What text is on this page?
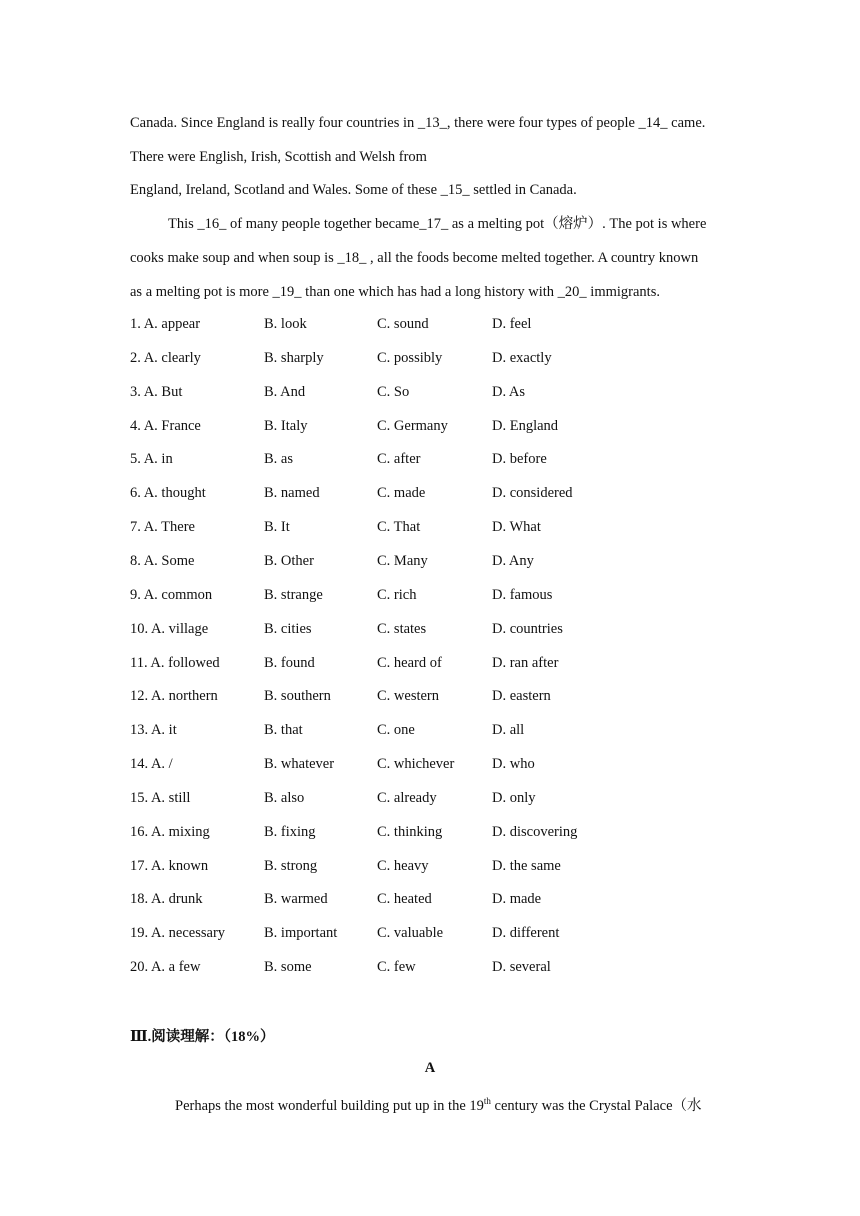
Canada. Since England is really four countries in _13_, there were four types of people _14_ came.
There were English, Irish, Scottish and Welsh from
England, Ireland, Scotland and Wales. Some of these _15_ settled in Canada.
This _16_ of many people together became_17_ as a melting pot（熔炉）. The pot is where
cooks make soup and when soup is _18_ , all the foods become melted together. A country known
as a melting pot is more _19_ than one which has had a long history with _20_ immigrants.
1. A. appear	B. look	C. sound	D. feel
2. A. clearly	B. sharply	C. possibly	D. exactly
3. A. But	B. And	C. So	D. As
4. A. France	B. Italy	C. Germany	D. England
5. A. in	B. as	C. after	D. before
6. A. thought	B. named	C. made	D. considered
7. A. There	B. It	C. That	D. What
8. A. Some	B. Other	C. Many	D. Any
9. A. common	B. strange	C. rich	D. famous
10. A. village	B. cities	C. states	D. countries
11. A. followed	B. found	C. heard of	D. ran after
12. A. northern	B. southern	C. western	D. eastern
13. A. it	B. that	C. one	D. all
14. A. /	B. whatever	C. whichever	D. who
15. A. still	B. also	C. already	D. only
16. A. mixing	B. fixing	C. thinking	D. discovering
17. A. known	B. strong	C. heavy	D. the same
18. A. drunk	B. warmed	C. heated	D. made
19. A. necessary	B. important	C. valuable	D. different
20. A. a few	B. some	C. few	D. several
Ⅲ.阅读理解：（18%）
A
Perhaps the most wonderful building put up in the 19th century was the Crystal Palace（水
